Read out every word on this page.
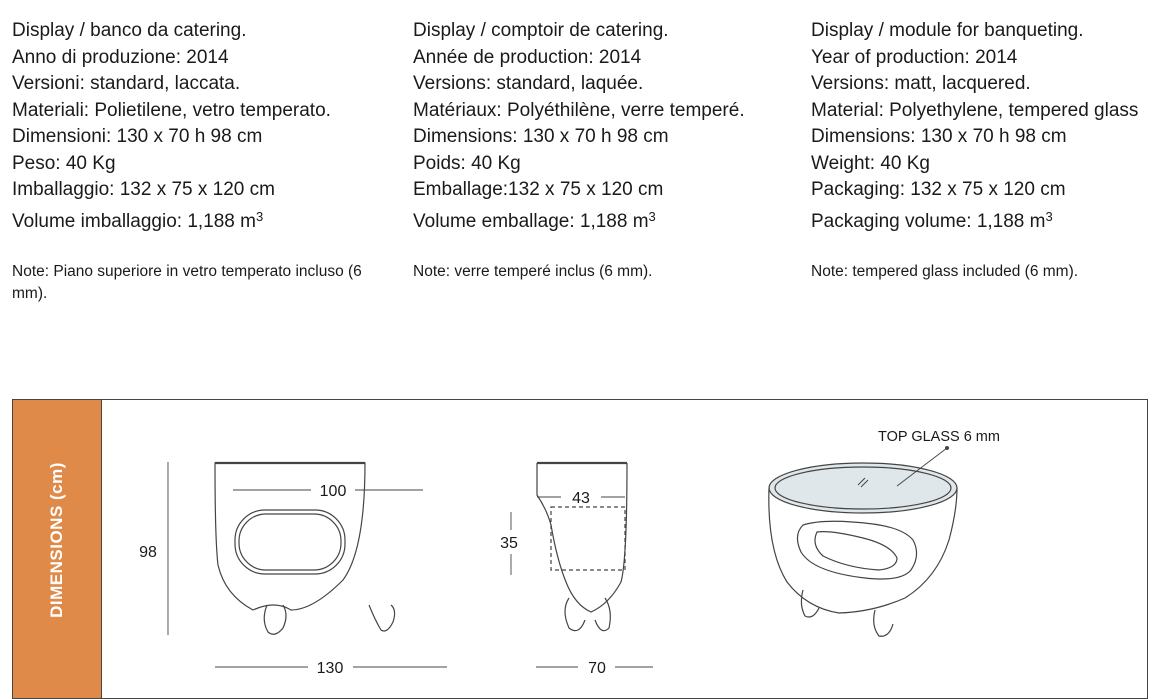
Display / banco da catering.
Anno di produzione: 2014
Versioni: standard, laccata.
Materiali: Polietilene, vetro temperato.
Dimensioni: 130 x 70 h 98 cm
Peso: 40 Kg
Imballaggio: 132 x 75 x 120 cm
Volume imballaggio: 1,188 $m^3$
Note: Piano superiore in vetro temperato incluso (6 mm).
Display / comptoir de catering.
Année de production: 2014
Versions: standard, laquée.
Matériaux: Polyéthilène, verre temperé.
Dimensions: 130 x 70 h 98 cm
Poids: 40 Kg
Emballage:132 x 75 x 120 cm
Volume emballage: 1,188 $m^3$
Note: verre temperé inclus (6 mm).
Display / module for banqueting.
Year of production: 2014
Versions: matt, lacquered.
Material: Polyethylene, tempered glass
Dimensions: 130 x 70 h 98 cm
Weight: 40 Kg
Packaging: 132 x 75 x 120 cm
Packaging volume: 1,188 $m^3$
Note: tempered glass included (6 mm).
DIMENSIONS (cm)	98
100
130
43
35
70
TOP GLASS 6 mm
